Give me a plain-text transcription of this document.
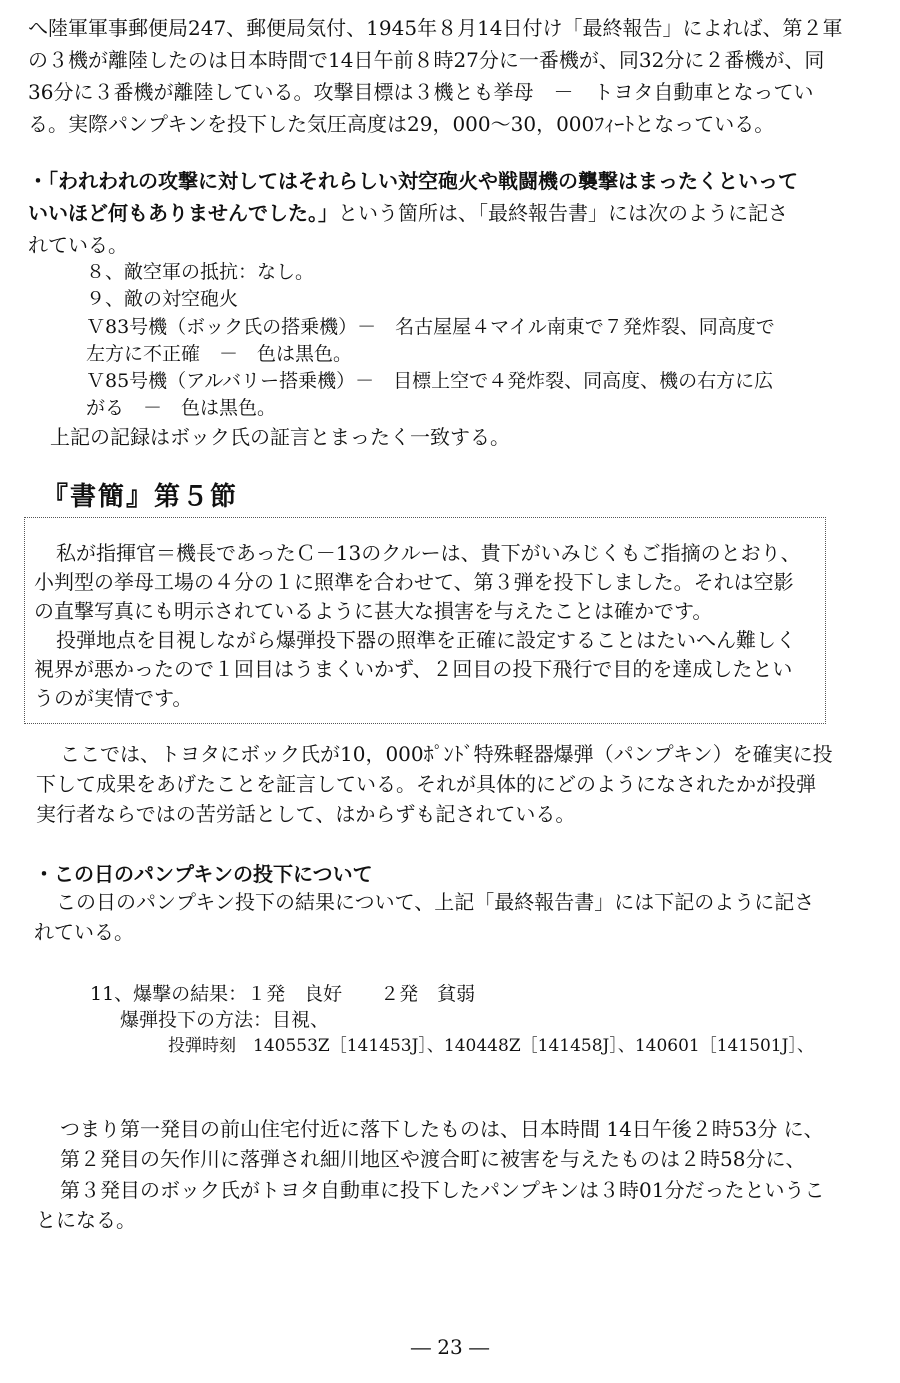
へ陸軍軍事郵便局247、郵便局気付、1945年８月14日付け「最終報告」によれば、第２軍
の３機が離陸したのは日本時間で14日午前８時27分に一番機が、同32分に２番機が、同
36分に３番機が離陸している。攻撃目標は３機とも挙母　－　トヨタ自動車となってい
る。実際パンプキンを投下した気圧高度は29，000～30，000ﾌｨｰﾄとなっている。
・「われわれの攻撃に対してはそれらしい対空砲火や戦闘機の襲撃はまったくといって
いいほど何もありませんでした。」という箇所は、「最終報告書」には次のように記さ
れている。
８、敵空軍の抵抗：なし。
９、敵の対空砲火
Ｖ83号機（ボック氏の搭乗機）－　名古屋屋４マイル南東で７発炸裂、同高度で
左方に不正確　－　色は黒色。
Ｖ85号機（アルバリー搭乗機）－　目標上空で４発炸裂、同高度、機の右方に広
がる　－　色は黒色。
上記の記録はボック氏の証言とまったく一致する。
『書簡』第５節
私が指揮官＝機長であったＣ－13のクルーは、貴下がいみじくもご指摘のとおり、
小判型の挙母工場の４分の１に照準を合わせて、第３弾を投下しました。それは空影
の直撃写真にも明示されているように甚大な損害を与えたことは確かです。
投弾地点を目視しながら爆弾投下器の照準を正確に設定することはたいへん難しく
視界が悪かったので１回目はうまくいかず、２回目の投下飛行で目的を達成したとい
うのが実情です。
ここでは、トヨタにボック氏が10，000ﾎﾟﾝﾄﾞ特殊軽器爆弾（パンプキン）を確実に投
下して成果をあげたことを証言している。それが具体的にどのようになされたかが投弾
実行者ならではの苦労話として、はからずも記されている。
・この日のパンプキンの投下について
この日のパンプキン投下の結果について、上記「最終報告書」には下記のように記さ
れている。
11、爆撃の結果：１発　良好　　２発　貧弱
爆弾投下の方法：目視、
投弾時刻　140553Z［141453J］、140448Z［141458J］、140601［141501J］、
つまり第一発目の前山住宅付近に落下したものは、日本時間 14日午後２時53分 に、
第２発目の矢作川に落弾され細川地区や渡合町に被害を与えたものは２時58分に、
第３発目のボック氏がトヨタ自動車に投下したパンプキンは３時01分だったというこ
とになる。
― 23 ―
